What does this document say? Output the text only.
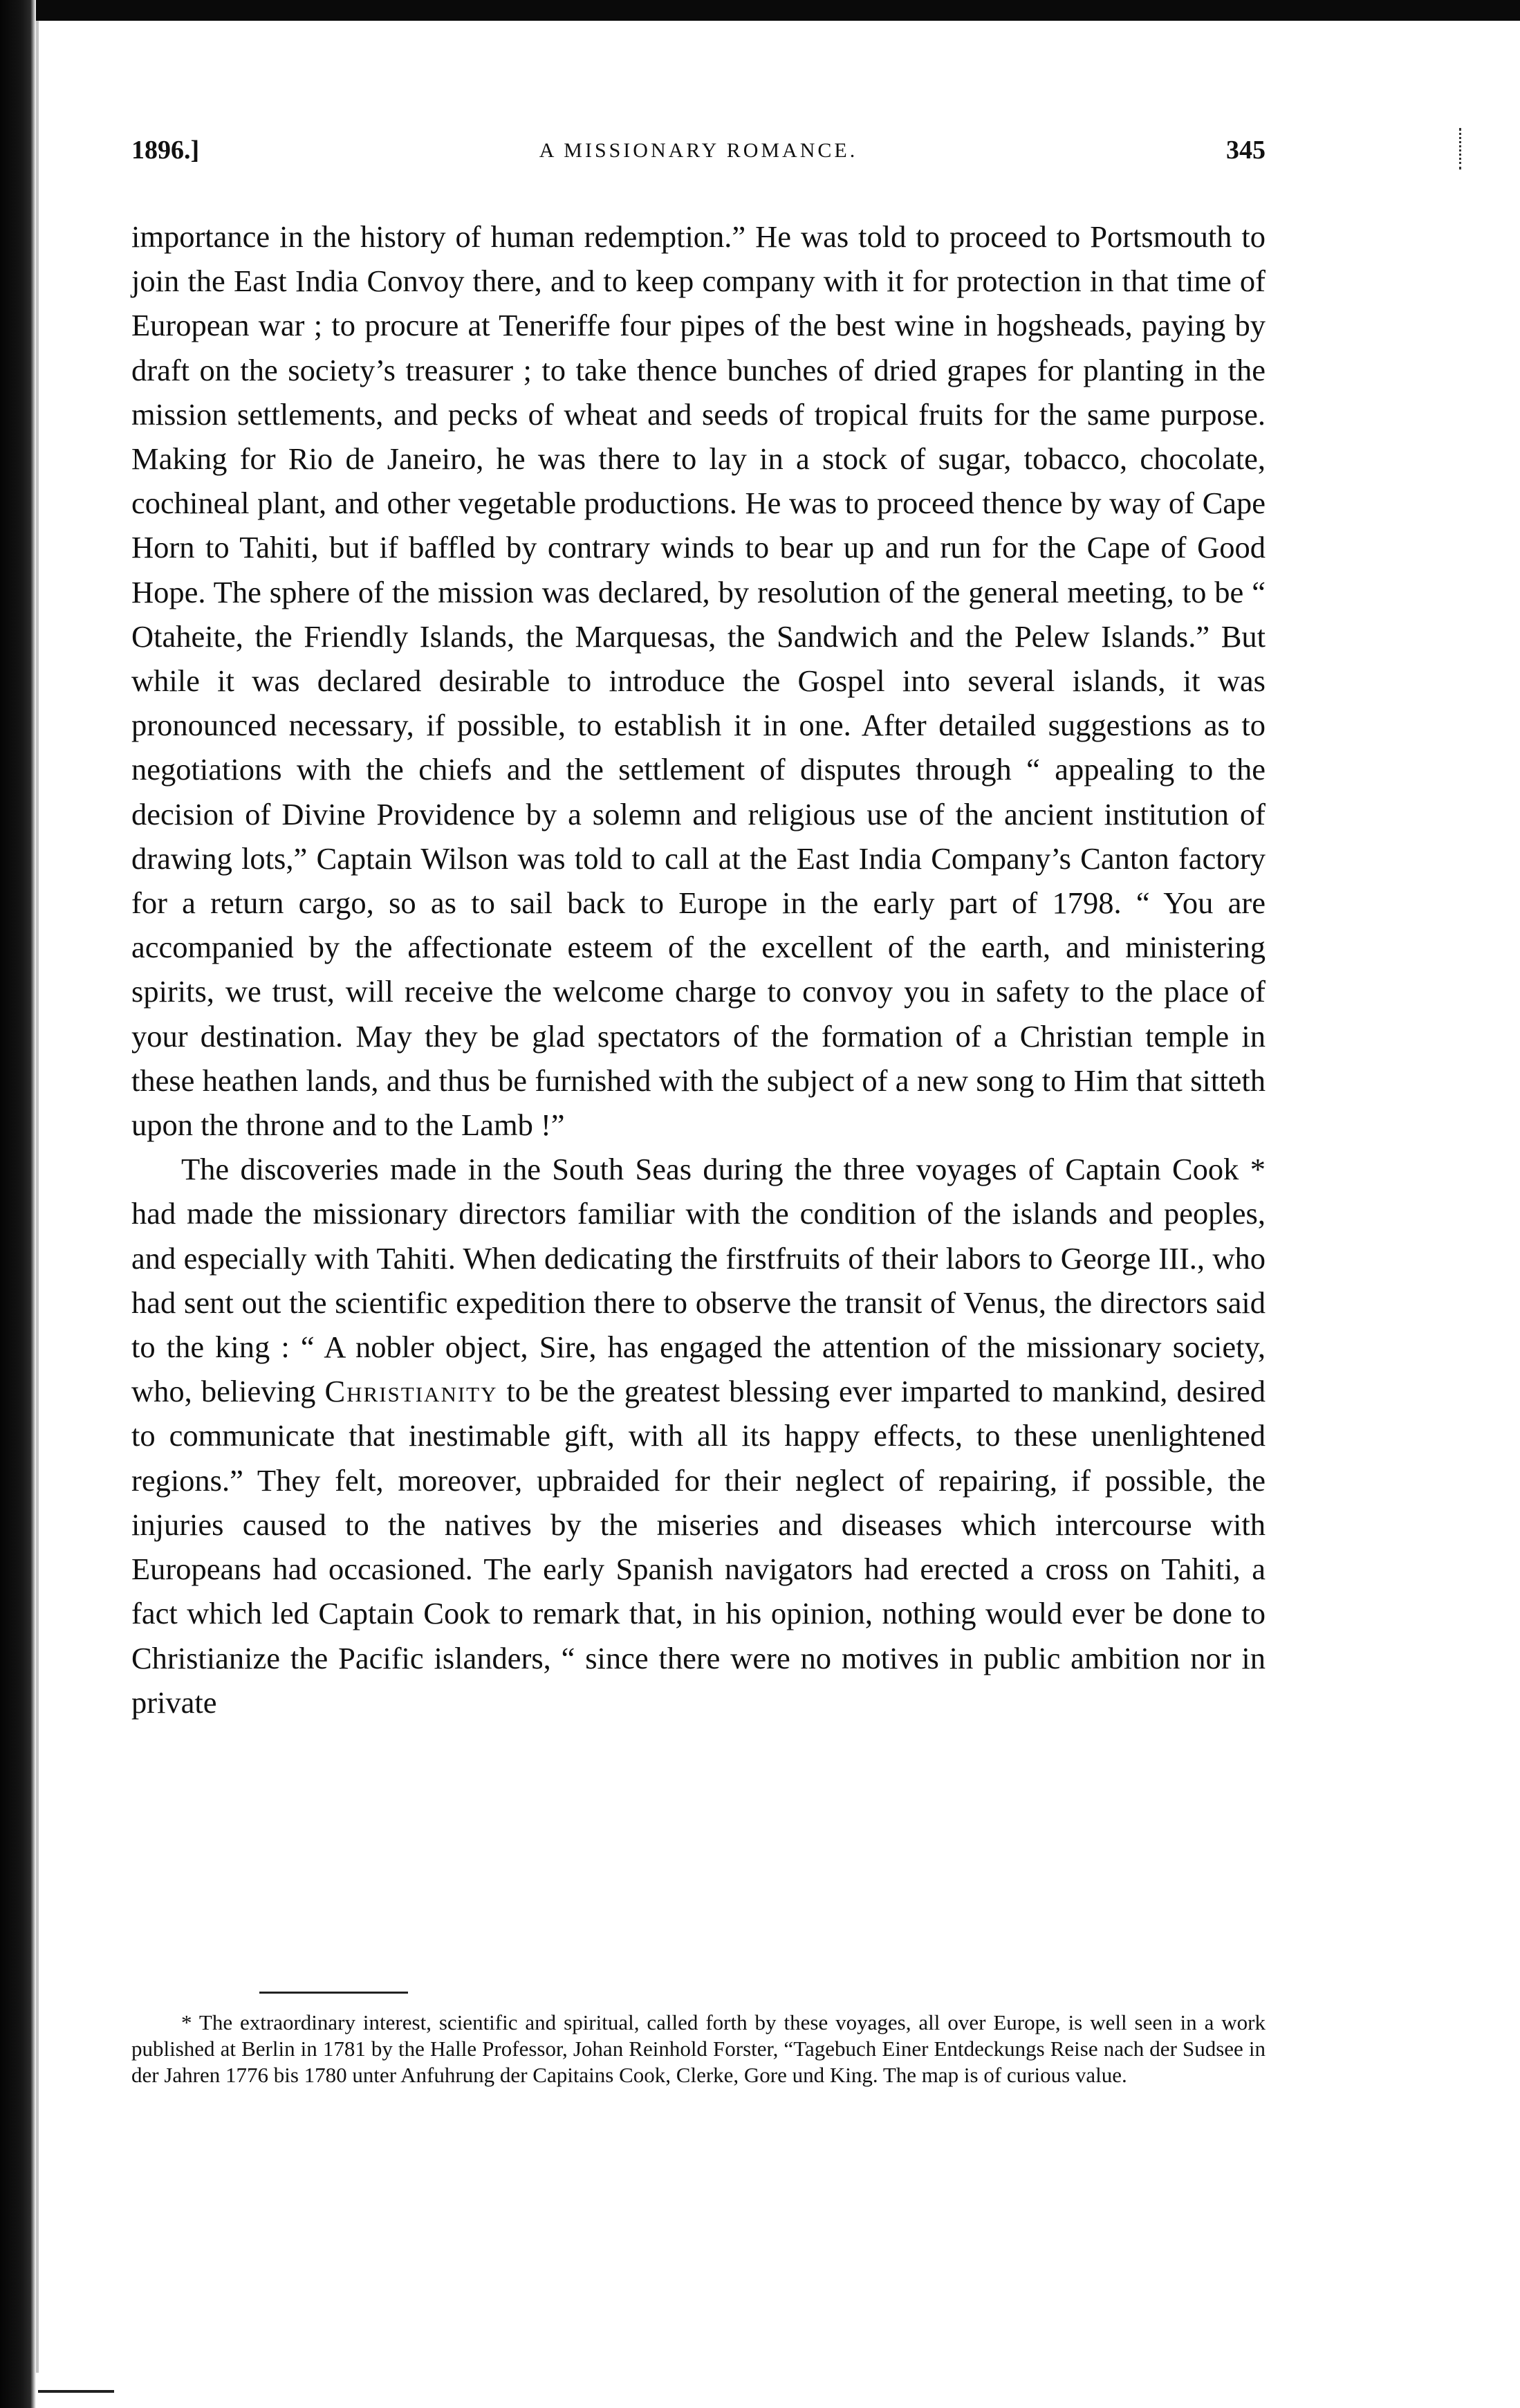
1896.]	A MISSIONARY ROMANCE.	345

importance in the history of human redemption.” He was told to proceed to Portsmouth to join the East India Convoy there, and to keep company with it for protection in that time of European war ; to procure at Teneriffe four pipes of the best wine in hogsheads, paying by draft on the society’s treasurer ; to take thence bunches of dried grapes for planting in the mission settlements, and pecks of wheat and seeds of tropical fruits for the same purpose. Making for Rio de Janeiro, he was there to lay in a stock of sugar, tobacco, chocolate, cochineal plant, and other vegetable productions. He was to proceed thence by way of Cape Horn to Tahiti, but if baffled by contrary winds to bear up and run for the Cape of Good Hope. The sphere of the mission was declared, by resolution of the general meeting, to be “ Otaheite, the Friendly Islands, the Marquesas, the Sandwich and the Pelew Islands.” But while it was declared desirable to introduce the Gospel into several islands, it was pronounced necessary, if possible, to establish it in one. After detailed suggestions as to negotiations with the chiefs and the settlement of disputes through “ appealing to the decision of Divine Providence by a solemn and religious use of the ancient institution of drawing lots,” Captain Wilson was told to call at the East India Company’s Canton factory for a return cargo, so as to sail back to Europe in the early part of 1798. “ You are accompanied by the affectionate esteem of the excellent of the earth, and ministering spirits, we trust, will receive the welcome charge to convoy you in safety to the place of your destination. May they be glad spectators of the formation of a Christian temple in these heathen lands, and thus be furnished with the subject of a new song to Him that sitteth upon the throne and to the Lamb !”

The discoveries made in the South Seas during the three voyages of Captain Cook * had made the missionary directors familiar with the condition of the islands and peoples, and especially with Tahiti. When dedicating the firstfruits of their labors to George III., who had sent out the scientific expedition there to observe the transit of Venus, the directors said to the king : “ A nobler object, Sire, has engaged the attention of the missionary society, who, believing Christianity to be the greatest blessing ever imparted to mankind, desired to communicate that inestimable gift, with all its happy effects, to these unenlightened regions.” They felt, moreover, upbraided for their neglect of repairing, if possible, the injuries caused to the natives by the miseries and diseases which intercourse with Europeans had occasioned. The early Spanish navigators had erected a cross on Tahiti, a fact which led Captain Cook to remark that, in his opinion, nothing would ever be done to Christianize the Pacific islanders, “ since there were no motives in public ambition nor in private

* The extraordinary interest, scientific and spiritual, called forth by these voyages, all over Europe, is well seen in a work published at Berlin in 1781 by the Halle Professor, Johan Reinhold Forster, “Tagebuch Einer Entdeckungs Reise nach der Sudsee in der Jahren 1776 bis 1780 unter Anfuhrung der Capitains Cook, Clerke, Gore und King. The map is of curious value.
